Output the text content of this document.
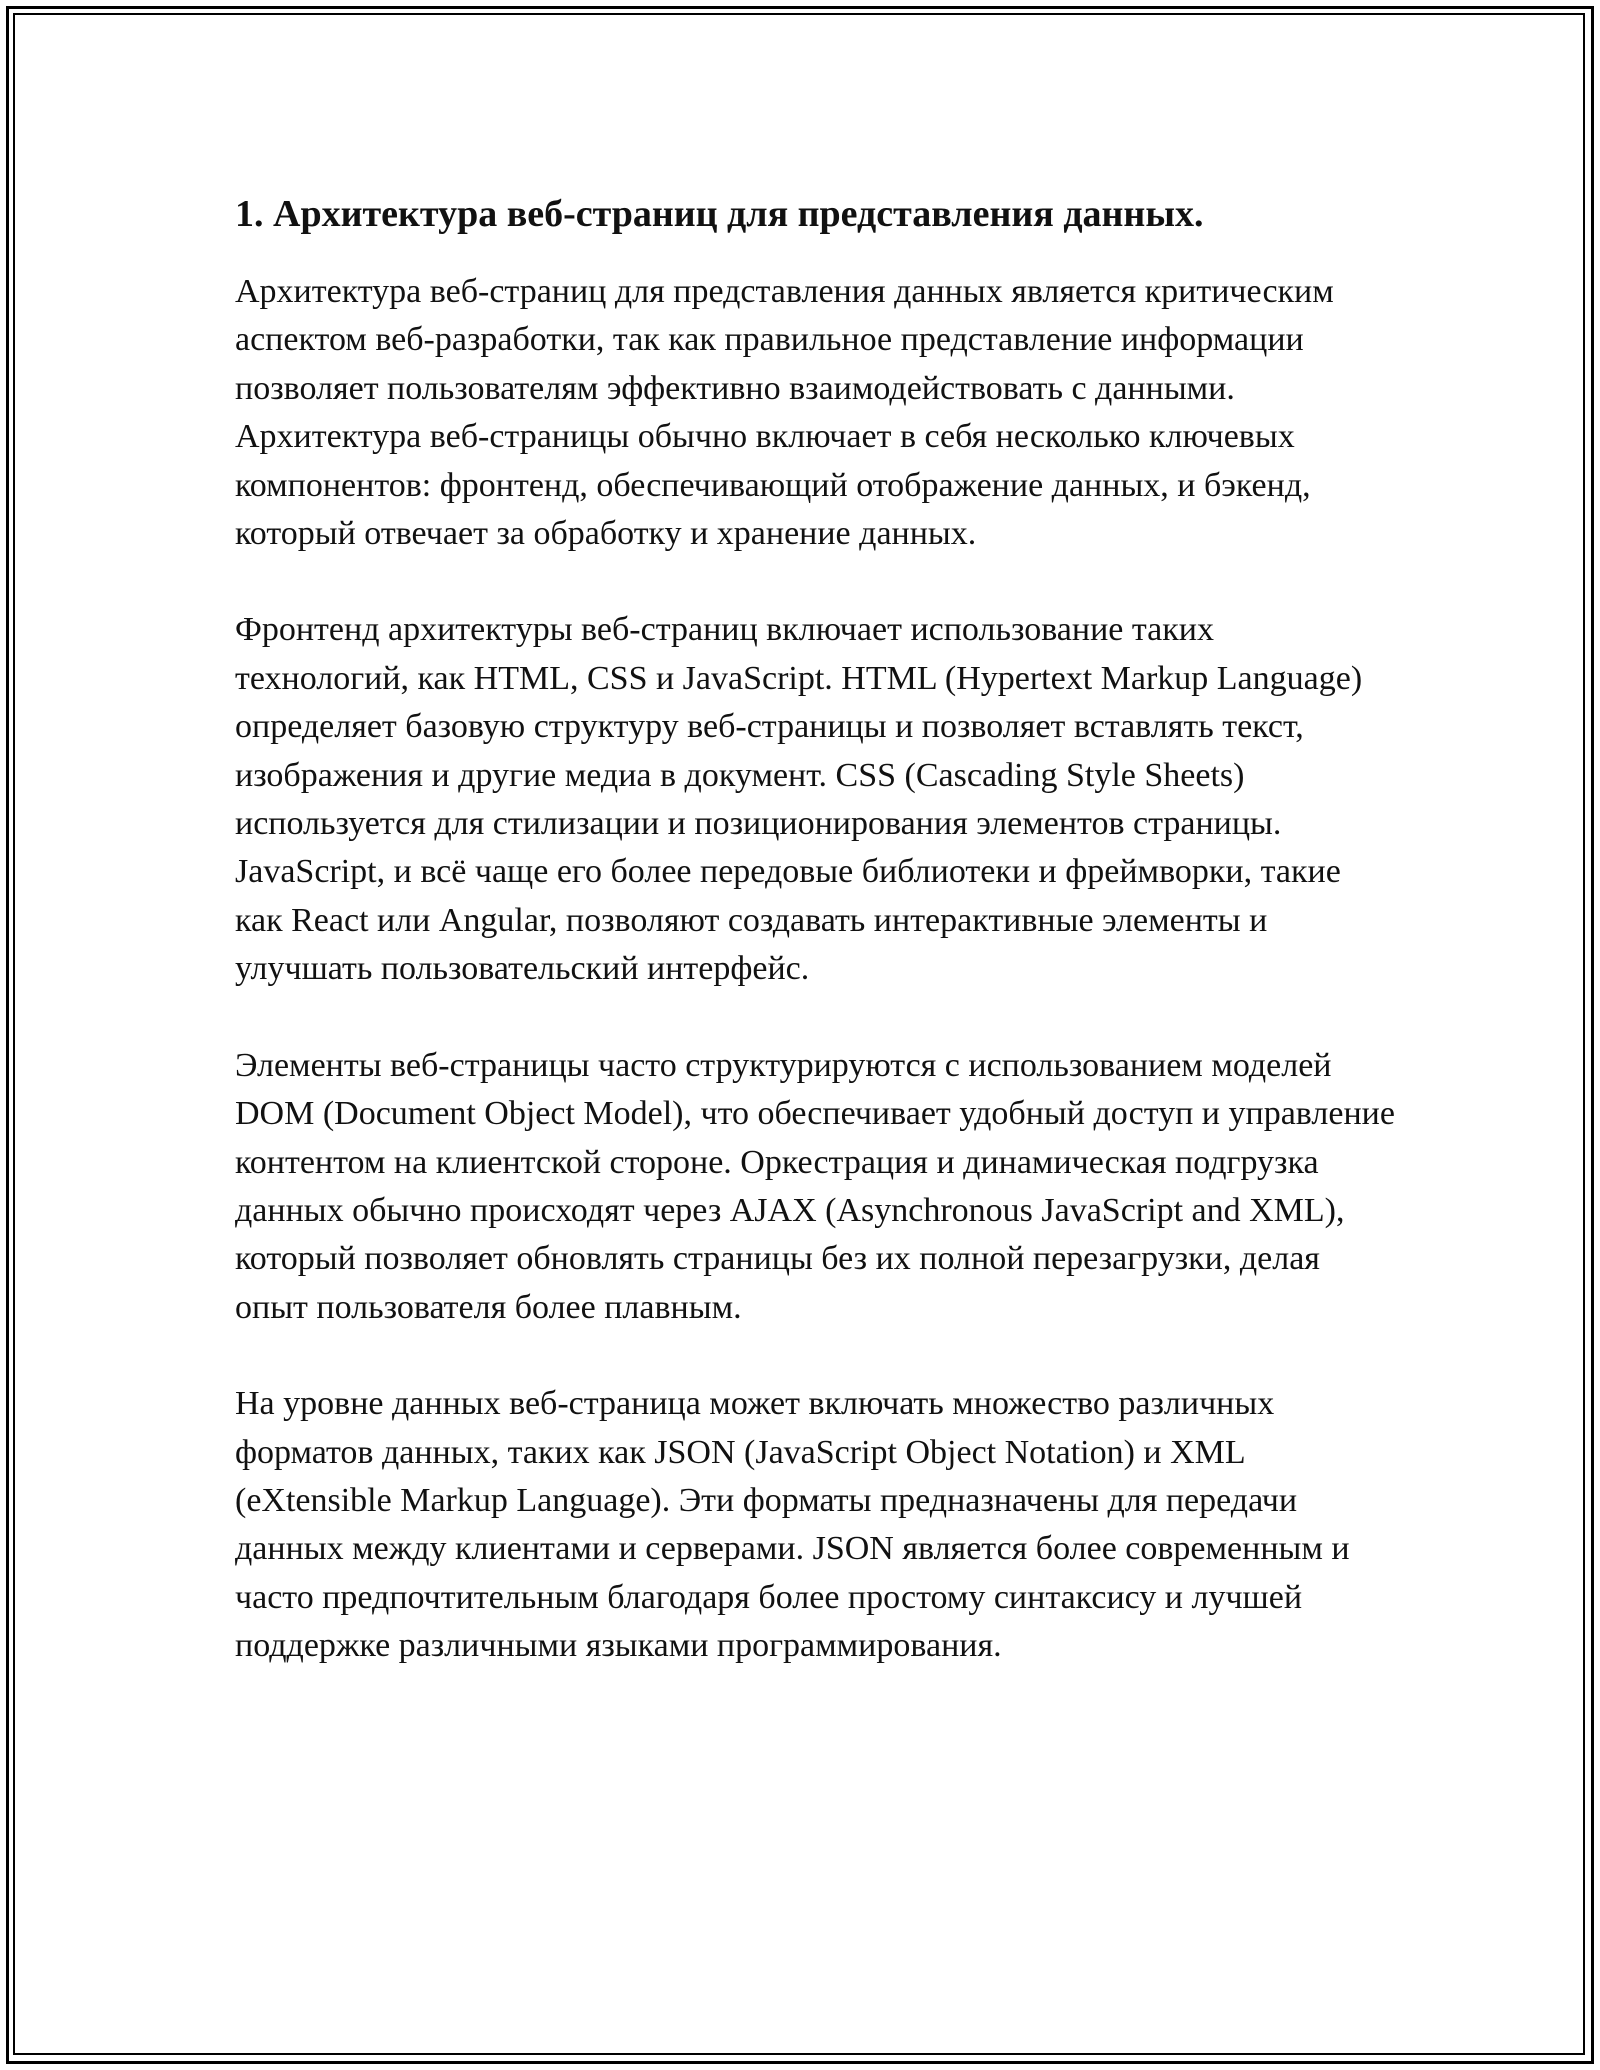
1. Архитектура веб-страниц для представления данных.

Архитектура веб-страниц для представления данных является критическим аспектом веб-разработки, так как правильное представление информации позволяет пользователям эффективно взаимодействовать с данными. Архитектура веб-страницы обычно включает в себя несколько ключевых компонентов: фронтенд, обеспечивающий отображение данных, и бэкенд, который отвечает за обработку и хранение данных.

Фронтенд архитектуры веб-страниц включает использование таких технологий, как HTML, CSS и JavaScript. HTML (Hypertext Markup Language) определяет базовую структуру веб-страницы и позволяет вставлять текст, изображения и другие медиа в документ. CSS (Cascading Style Sheets) используется для стилизации и позиционирования элементов страницы. JavaScript, и всё чаще его более передовые библиотеки и фреймворки, такие как React или Angular, позволяют создавать интерактивные элементы и улучшать пользовательский интерфейс.

Элементы веб-страницы часто структурируются с использованием моделей DOM (Document Object Model), что обеспечивает удобный доступ и управление контентом на клиентской стороне. Оркестрация и динамическая подгрузка данных обычно происходят через AJAX (Asynchronous JavaScript and XML), который позволяет обновлять страницы без их полной перезагрузки, делая опыт пользователя более плавным.

На уровне данных веб-страница может включать множество различных форматов данных, таких как JSON (JavaScript Object Notation) и XML (eXtensible Markup Language). Эти форматы предназначены для передачи данных между клиентами и серверами. JSON является более современным и часто предпочтительным благодаря более простому синтаксису и лучшей поддержке различными языками программирования.
